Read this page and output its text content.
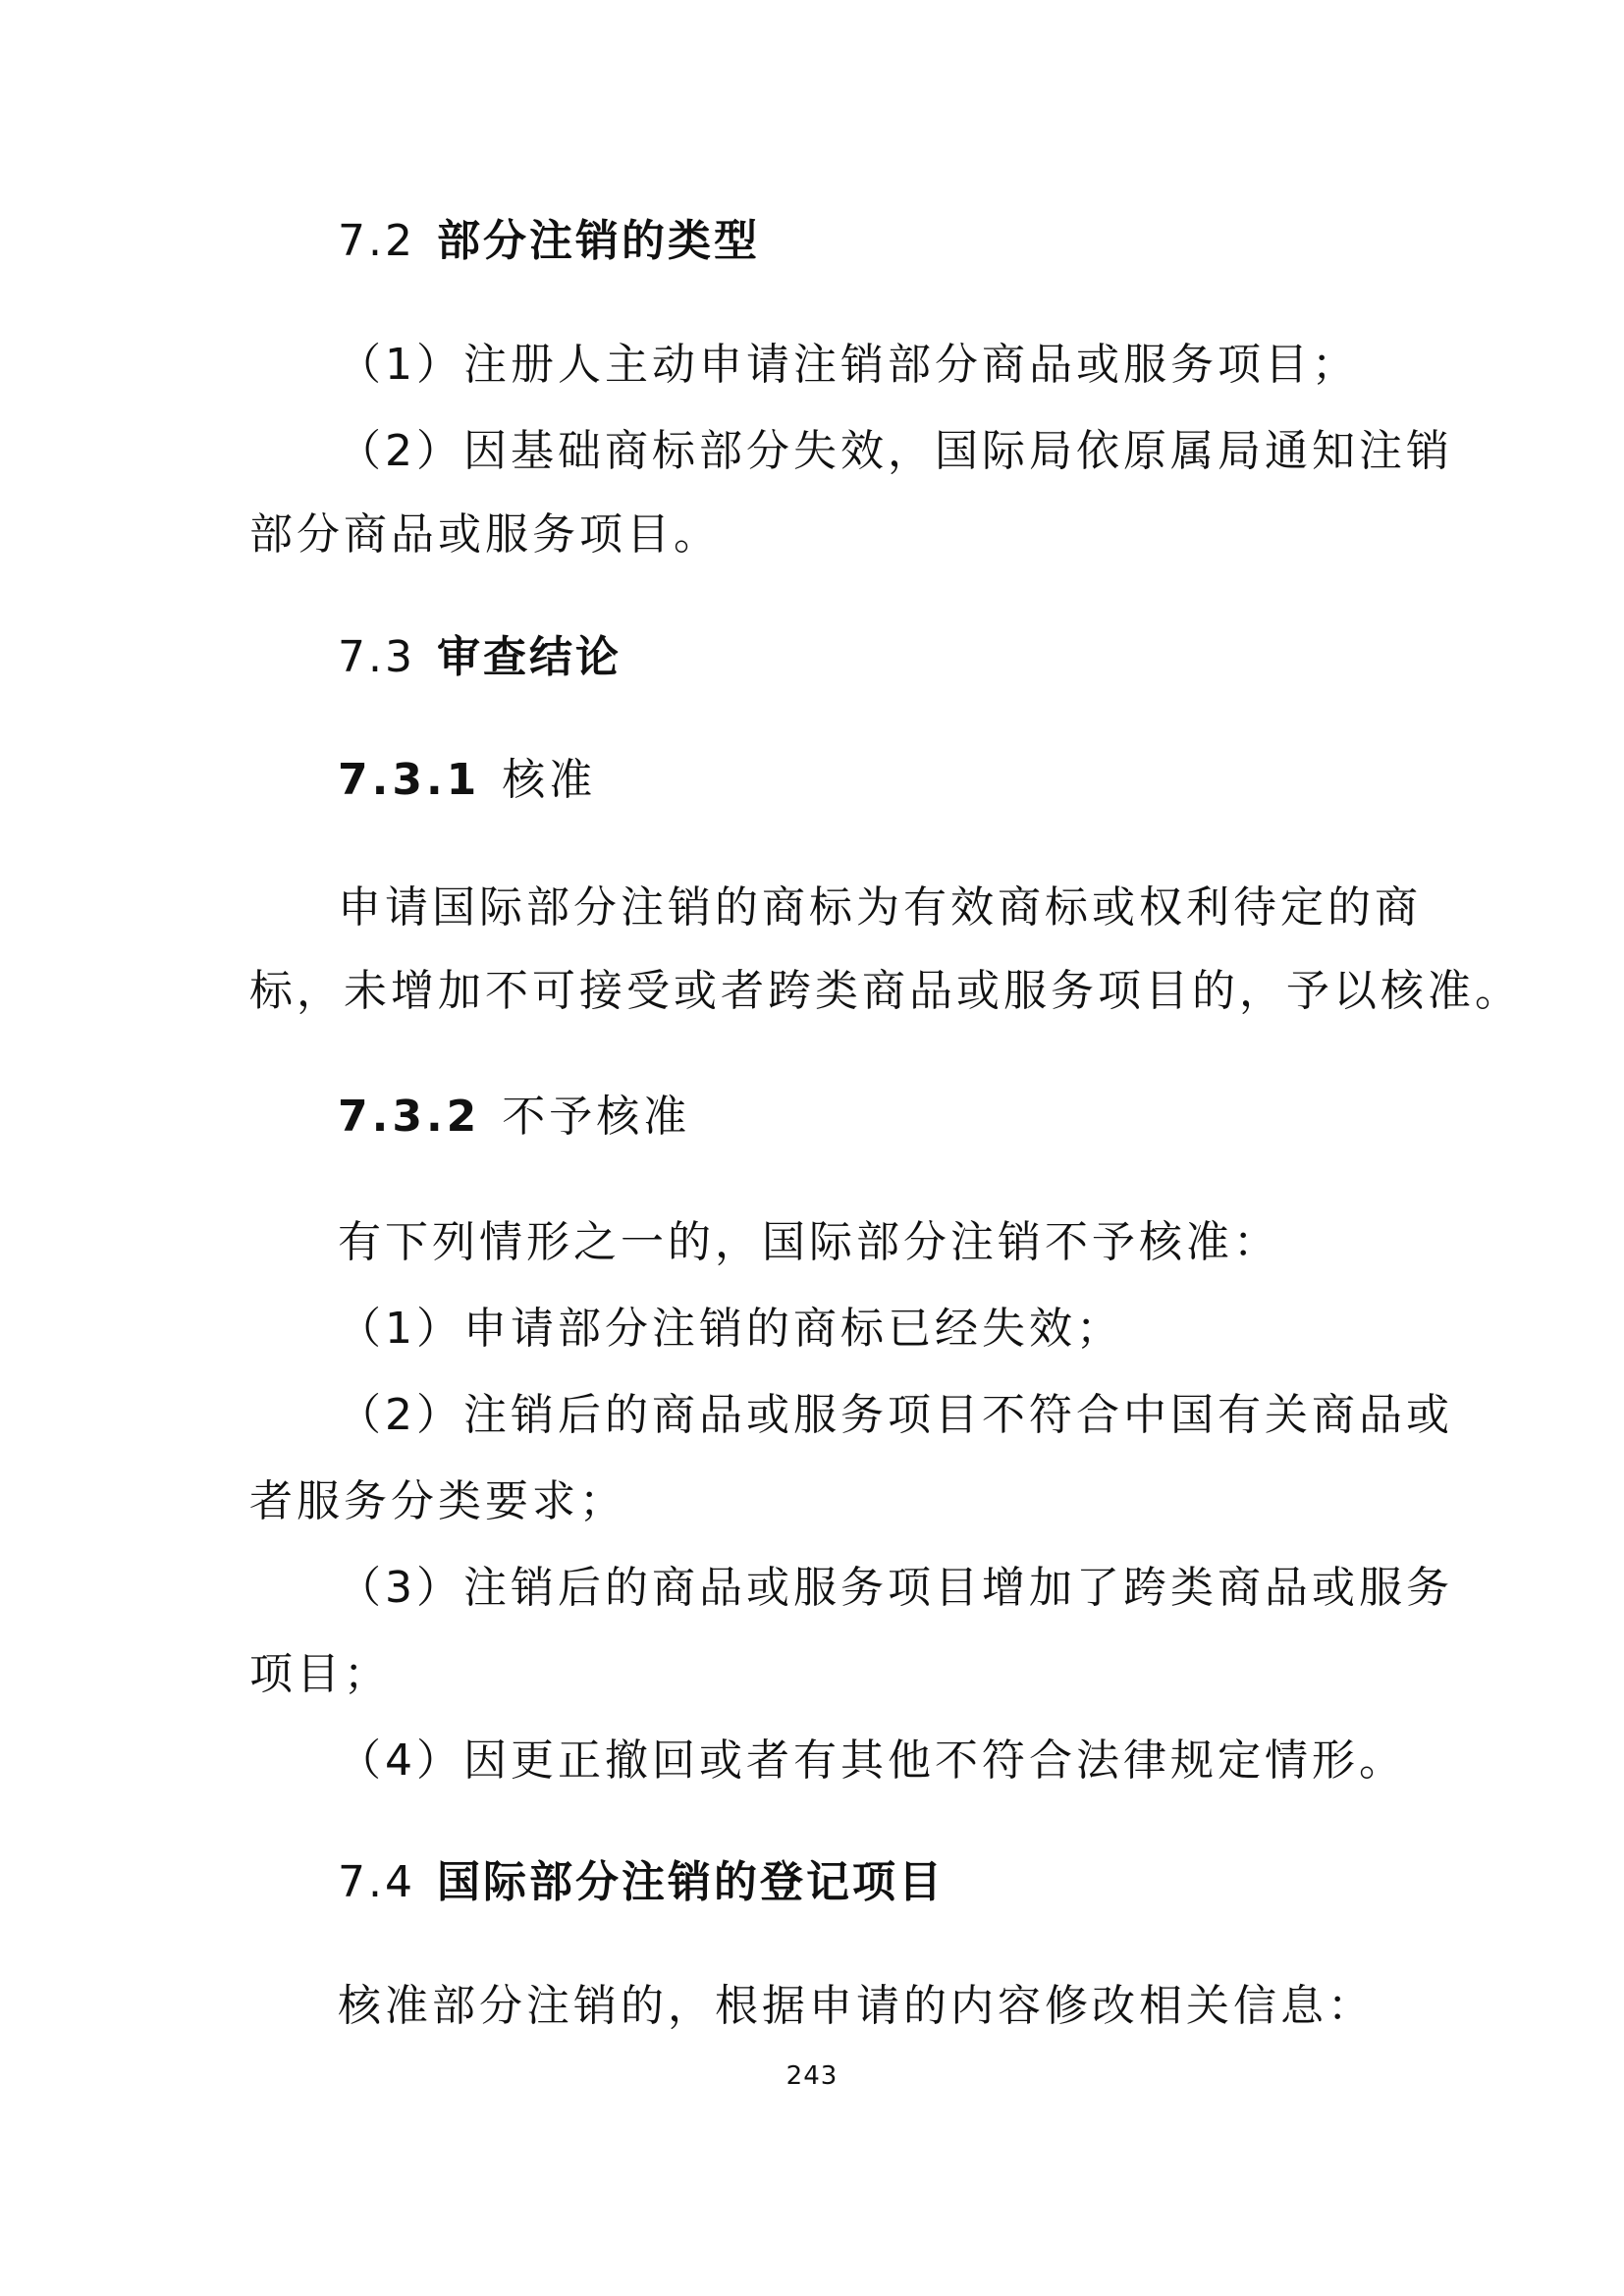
7.2 部分注销的类型
（1）注册人主动申请注销部分商品或服务项目；
（2）因基础商标部分失效，国际局依原属局通知注销
部分商品或服务项目。
7.3 审查结论
7.3.1 核准
申请国际部分注销的商标为有效商标或权利待定的商
标，未增加不可接受或者跨类商品或服务项目的，予以核准。
7.3.2 不予核准
有下列情形之一的，国际部分注销不予核准：
（1）申请部分注销的商标已经失效；
（2）注销后的商品或服务项目不符合中国有关商品或
者服务分类要求；
（3）注销后的商品或服务项目增加了跨类商品或服务
项目；
（4）因更正撤回或者有其他不符合法律规定情形。
7.4 国际部分注销的登记项目
核准部分注销的，根据申请的内容修改相关信息：
243
